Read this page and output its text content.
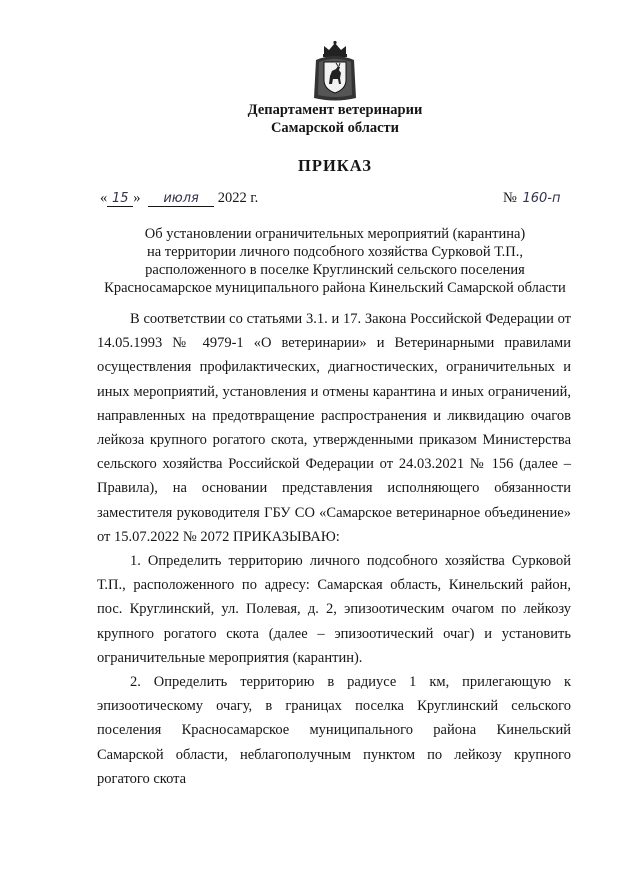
Департамент ветеринарии
Самарской области
ПРИКАЗ
« 15 » июля 2022 г.	№ 160-п
Об установлении ограничительных мероприятий (карантина)
на территории личного подсобного хозяйства Сурковой Т.П.,
расположенного в поселке Круглинский сельского поселения
Красносамарское муниципального района Кинельский Самарской области

В соответствии со статьями 3.1. и 17. Закона Российской Федерации от 14.05.1993 № 4979-1 «О ветеринарии» и Ветеринарными правилами осуществления профилактических, диагностических, ограничительных и иных мероприятий, установления и отмены карантина и иных ограничений, направленных на предотвращение распространения и ликвидацию очагов лейкоза крупного рогатого скота, утвержденными приказом Министерства сельского хозяйства Российской Федерации от 24.03.2021 № 156 (далее – Правила), на основании представления исполняющего обязанности заместителя руководителя ГБУ СО «Самарское ветеринарное объединение» от 15.07.2022 № 2072 ПРИКАЗЫВАЮ:

1. Определить территорию личного подсобного хозяйства Сурковой Т.П., расположенного по адресу: Самарская область, Кинельский район, пос. Круглинский, ул. Полевая, д. 2, эпизоотическим очагом по лейкозу крупного рогатого скота (далее – эпизоотический очаг) и установить ограничительные мероприятия (карантин).

2. Определить территорию в радиусе 1 км, прилегающую к эпизоотическому очагу, в границах поселка Круглинский сельского поселения Красносамарское муниципального района Кинельский Самарской области, неблагополучным пунктом по лейкозу крупного рогатого скота
